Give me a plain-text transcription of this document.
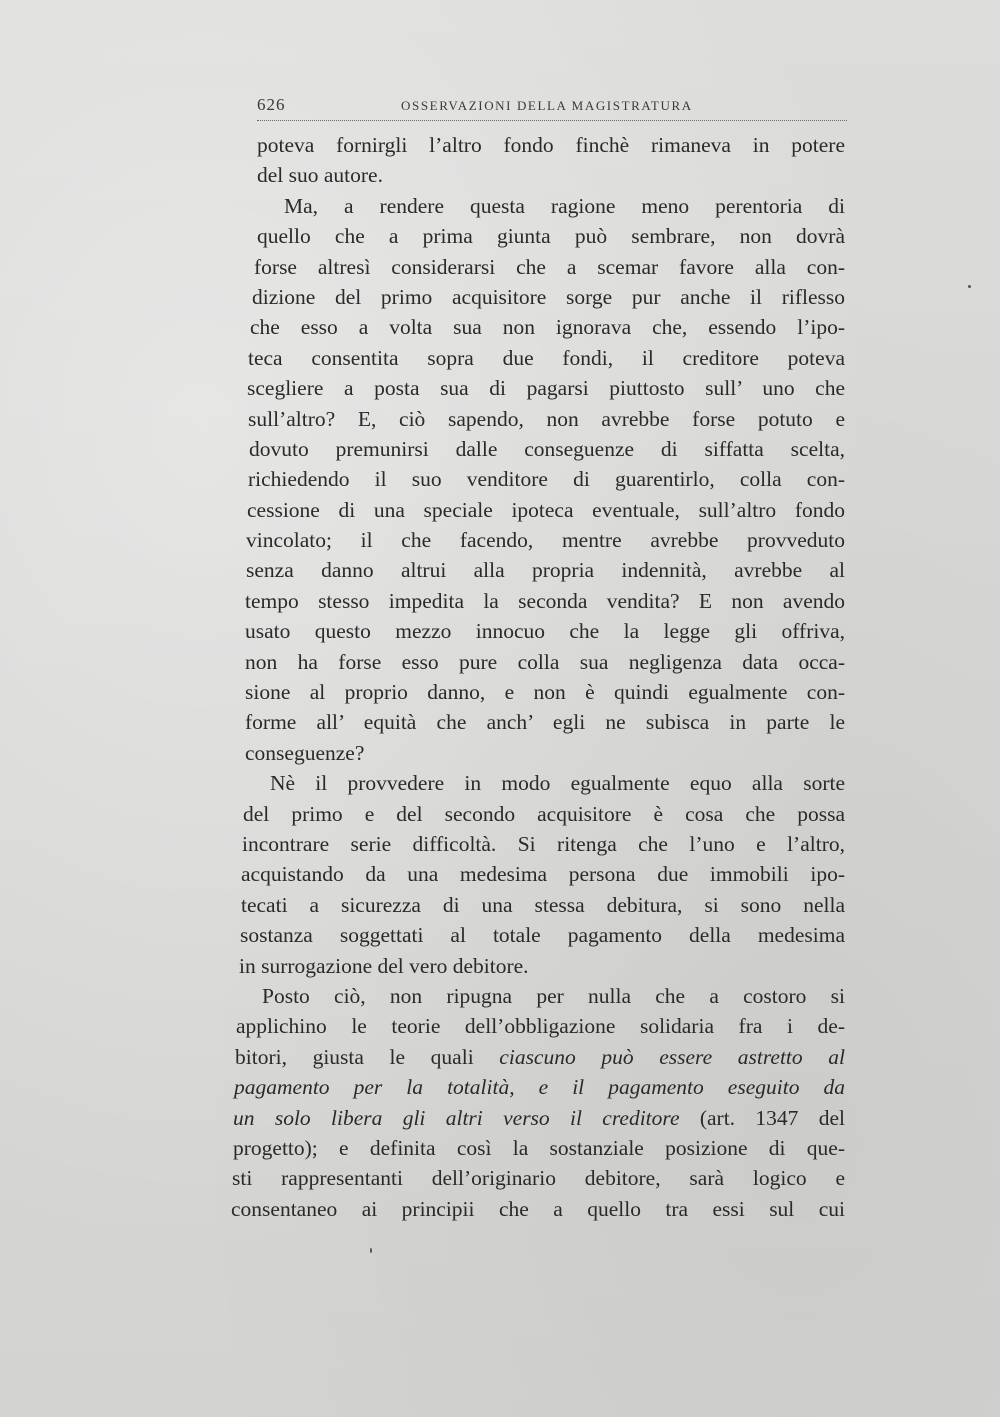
626	OSSERVAZIONI DELLA MAGISTRATURA
poteva fornirgli l’altro fondo finchè rimaneva in potere
del suo autore.
Ma, a rendere questa ragione meno perentoria di
quello che a prima giunta può sembrare, non dovrà
forse altresì considerarsi che a scemar favore alla con-
dizione del primo acquisitore sorge pur anche il riflesso
che esso a volta sua non ignorava che, essendo l’ipo-
teca consentita sopra due fondi, il creditore poteva
scegliere a posta sua di pagarsi piuttosto sull’ uno che
sull’altro? E, ciò sapendo, non avrebbe forse potuto e
dovuto premunirsi dalle conseguenze di siffatta scelta,
richiedendo il suo venditore di guarentirlo, colla con-
cessione di una speciale ipoteca eventuale, sull’altro fondo
vincolato; il che facendo, mentre avrebbe provveduto
senza danno altrui alla propria indennità, avrebbe al
tempo stesso impedita la seconda vendita? E non avendo
usato questo mezzo innocuo che la legge gli offriva,
non ha forse esso pure colla sua negligenza data occa-
sione al proprio danno, e non è quindi egualmente con-
forme all’ equità che anch’ egli ne subisca in parte le
conseguenze?
Nè il provvedere in modo egualmente equo alla sorte
del primo e del secondo acquisitore è cosa che possa
incontrare serie difficoltà. Si ritenga che l’uno e l’altro,
acquistando da una medesima persona due immobili ipo-
tecati a sicurezza di una stessa debitura, si sono nella
sostanza soggettati al totale pagamento della medesima
in surrogazione del vero debitore.
Posto ciò, non ripugna per nulla che a costoro si
applichino le teorie dell’obbligazione solidaria fra i de-
bitori, giusta le quali ciascuno può essere astretto al
pagamento per la totalità, e il pagamento eseguito da
un solo libera gli altri verso il creditore (art. 1347 del
progetto); e definita così la sostanziale posizione di que-
sti rappresentanti dell’originario debitore, sarà logico e
consentaneo ai principii che a quello tra essi sul cui
